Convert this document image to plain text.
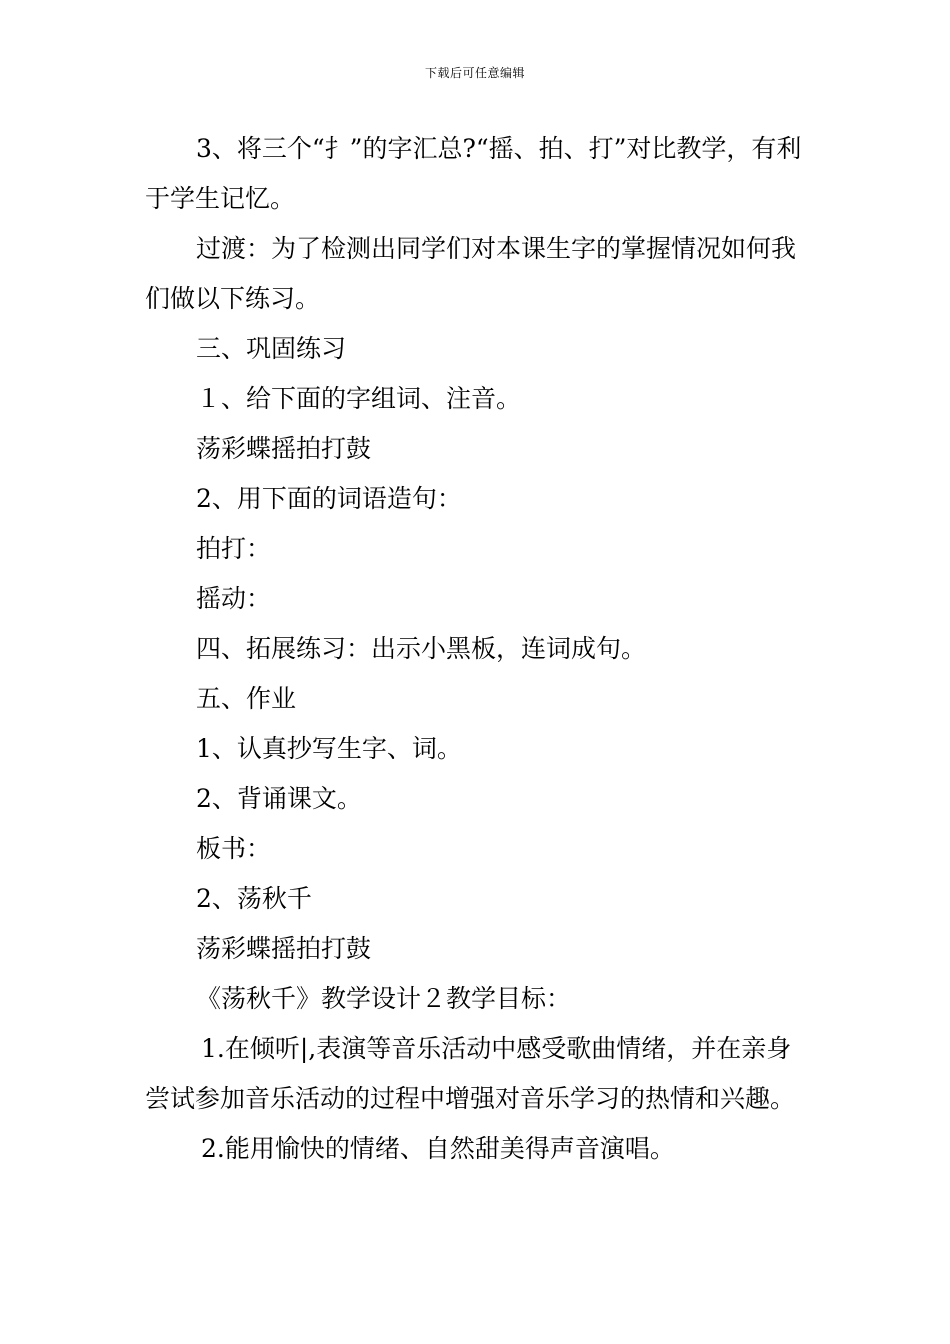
下载后可任意编辑

3、将三个“扌”的字汇总?“摇、拍、打”对比教学，有利于学生记忆。

过渡：为了检测出同学们对本课生字的掌握情况如何我们做以下练习。

三、巩固练习

１、给下面的字组词、注音。

荡彩蝶摇拍打鼓

2、用下面的词语造句：

拍打：

摇动：

四、拓展练习：出示小黑板，连词成句。

五、作业

1、认真抄写生字、词。

2、背诵课文。

板书：

2、荡秋千

荡彩蝶摇拍打鼓

《荡秋千》教学设计２教学目标：

1.在倾听|,表演等音乐活动中感受歌曲情绪，并在亲身尝试参加音乐活动的过程中增强对音乐学习的热情和兴趣。

2.能用愉快的情绪、自然甜美得声音演唱。
